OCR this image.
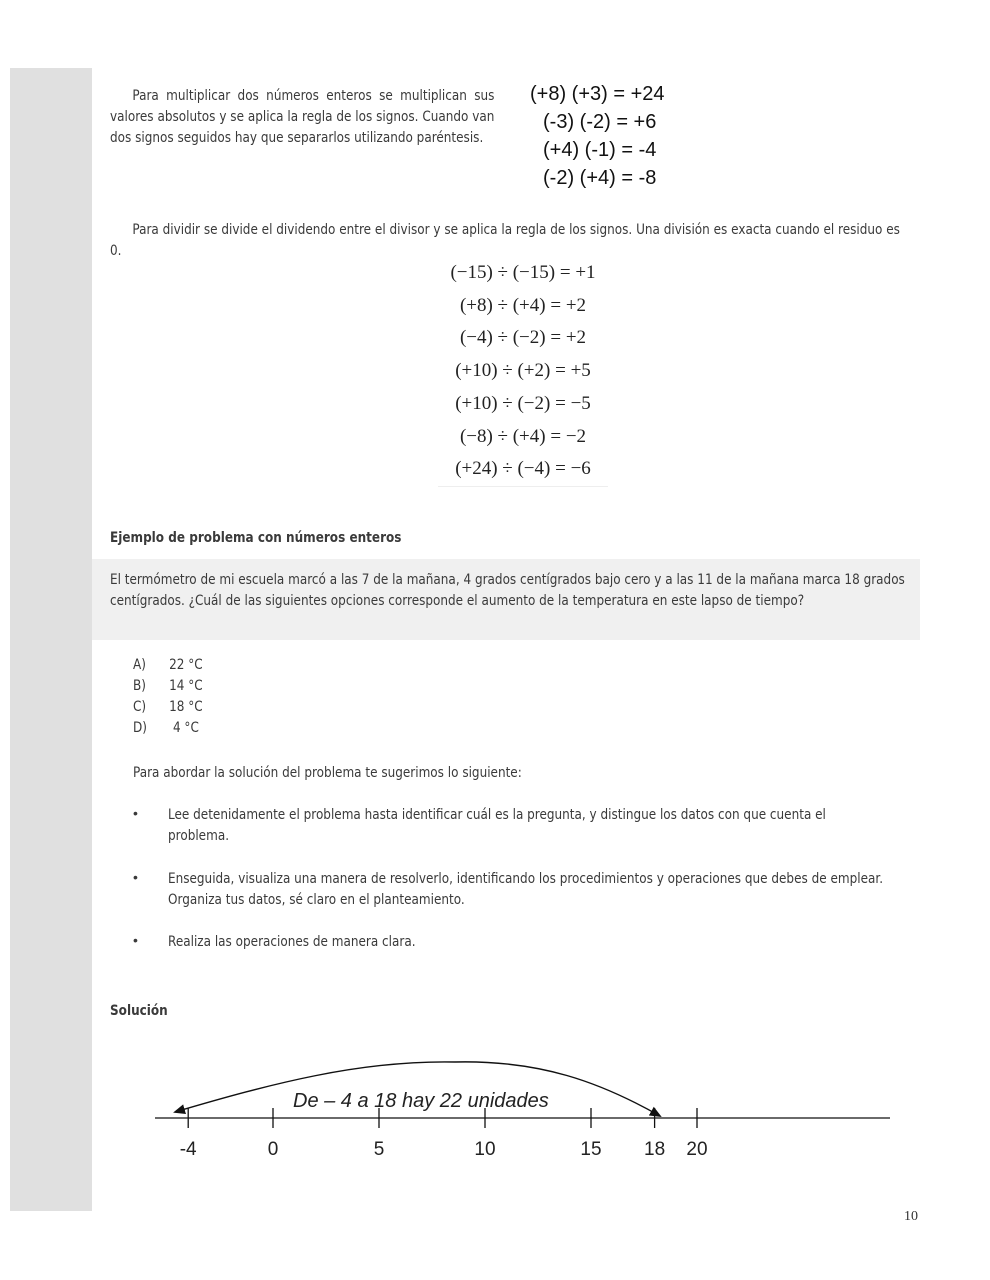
Para multiplicar dos números enteros se multiplican sus valores absolutos y se aplica la regla de los signos. Cuando van dos signos seguidos hay que separarlos utilizando paréntesis.
(+8) (+3) = +24
(-3) (-2) = +6
(+4) (-1) = -4
(-2) (+4) = -8
Para dividir se divide el dividendo entre el divisor y se aplica la regla de los signos. Una división es exacta cuando el residuo es 0.
(−15) ÷ (−15) = +1
(+8) ÷ (+4) = +2
(−4) ÷ (−2) = +2
(+10) ÷ (+2) = +5
(+10) ÷ (−2) = −5
(−8) ÷ (+4) = −2
(+24) ÷ (−4) = −6
Ejemplo de problema con números enteros
El termómetro de mi escuela marcó a las 7 de la mañana, 4 grados centígrados bajo cero y a las 11 de la mañana marca 18 grados centígrados. ¿Cuál de las siguientes opciones corresponde el aumento de la temperatura en este lapso de tiempo?
A) 22 °C
B) 14 °C
C) 18 °C
D) 4 °C
Para abordar la solución del problema te sugerimos lo siguiente:
• Lee detenidamente el problema hasta identificar cuál es la pregunta, y distingue los datos con que cuenta el problema.
• Enseguida, visualiza una manera de resolverlo, identificando los procedimientos y operaciones que debes de emplear. Organiza tus datos, sé claro en el planteamiento.
• Realiza las operaciones de manera clara.
Solución
-4	0	5	10	15 18 20
De – 4 a 18 hay 22 unidades
10
